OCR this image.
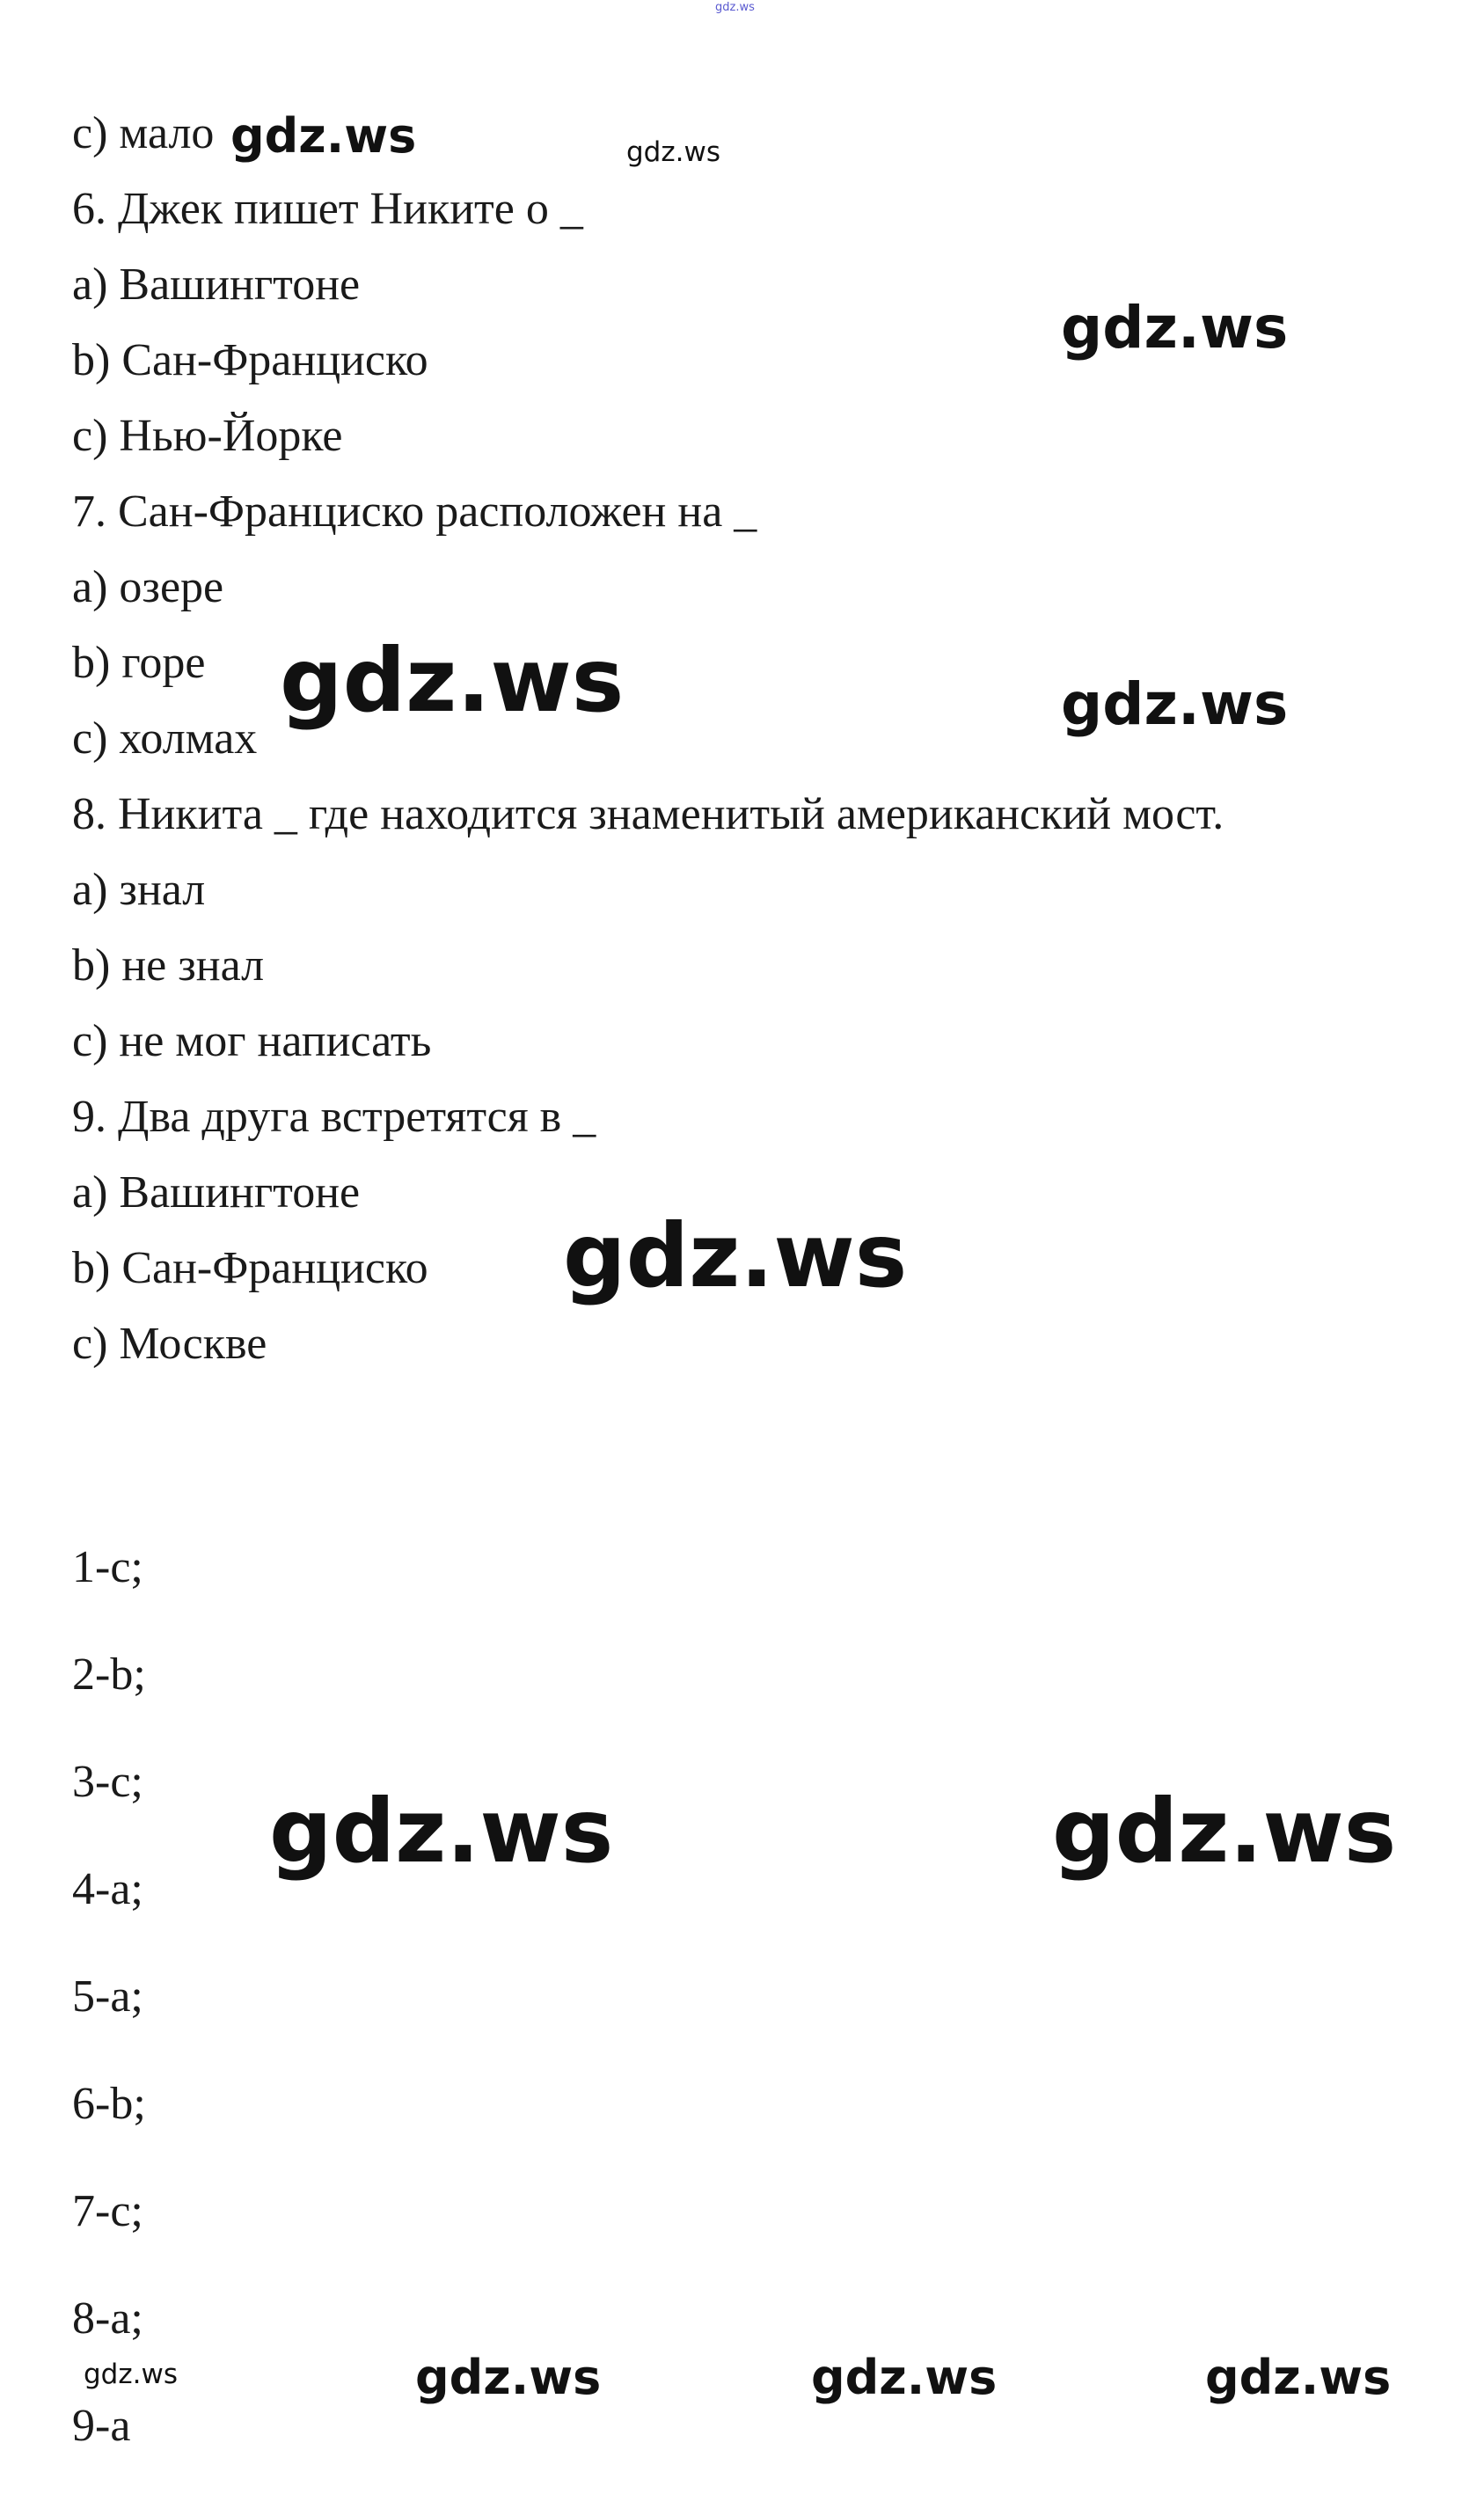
gdz.ws
с) мало
6. Джек пишет Никите о _
a) Вашингтоне
b) Сан-Франциско
с) Нью-Йорке
7. Сан-Франциско расположен на _
a) озере
b) горе
с) холмах
8. Никита _ где находится знаменитый американский мост.
a) знал
b) не знал
с) не мог написать
9. Два друга встретятся в _
a) Вашингтоне
b) Сан-Франциско
с) Москве
1-c;
2-b;
3-c;
4-a;
5-a;
6-b;
7-c;
8-a;
9-a
gdz.ws	gdz.ws
gdz.ws
gdz.ws	gdz.ws
gdz.ws
gdz.ws	gdz.ws
gdz.ws	gdz.ws	gdz.ws	gdz.ws
